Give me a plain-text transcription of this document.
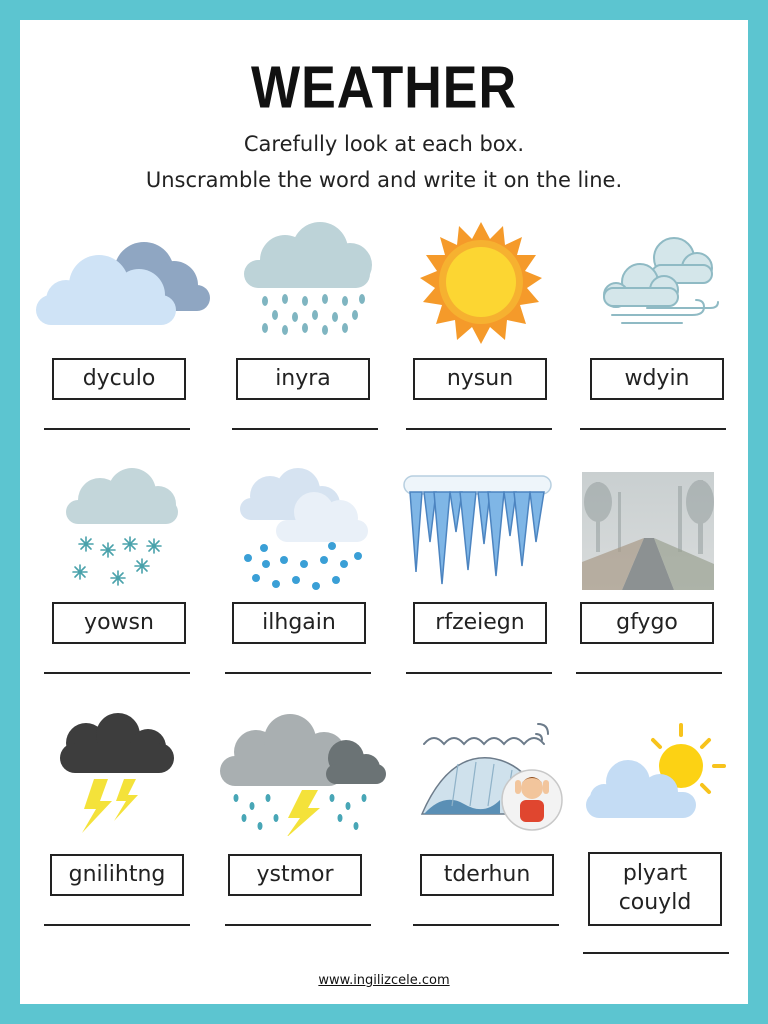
WEATHER
Carefully look at each box.
Unscramble the word and write it on the line.
dyculo	inyra	nysun	wdyin
yowsn	ilhgain	rfzeiegn	gfygo
gnilihtng	ystmor	tderhun	plyart
couyld
www.ingilizcele.com
